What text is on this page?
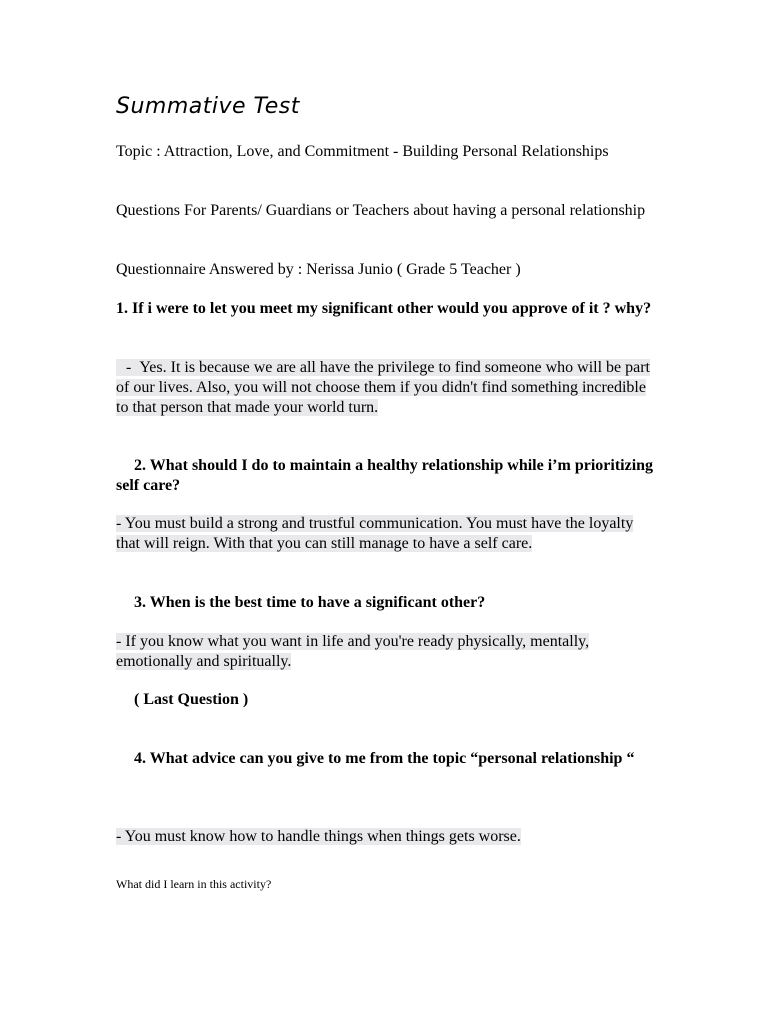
Summative Test

Topic : Attraction, Love, and Commitment - Building Personal Relationships

Questions For Parents/ Guardians or Teachers about having a personal relationship

Questionnaire Answered by : Nerissa Junio ( Grade 5 Teacher )

1. If i were to let you meet my significant other would you approve of it ? why?

- Yes. It is because we are all have the privilege to find someone who will be part of our lives. Also, you will not choose them if you didn't find something incredible to that person that made your world turn.

2. What should I do to maintain a healthy relationship while i’m prioritizing self care?

- You must build a strong and trustful communication. You must have the loyalty that will reign. With that you can still manage to have a self care.

3. When is the best time to have a significant other?

- If you know what you want in life and you're ready physically, mentally, emotionally and spiritually.

( Last Question )

4. What advice can you give to me from the topic “personal relationship “

- You must know how to handle things when things gets worse.

What did I learn in this activity?
